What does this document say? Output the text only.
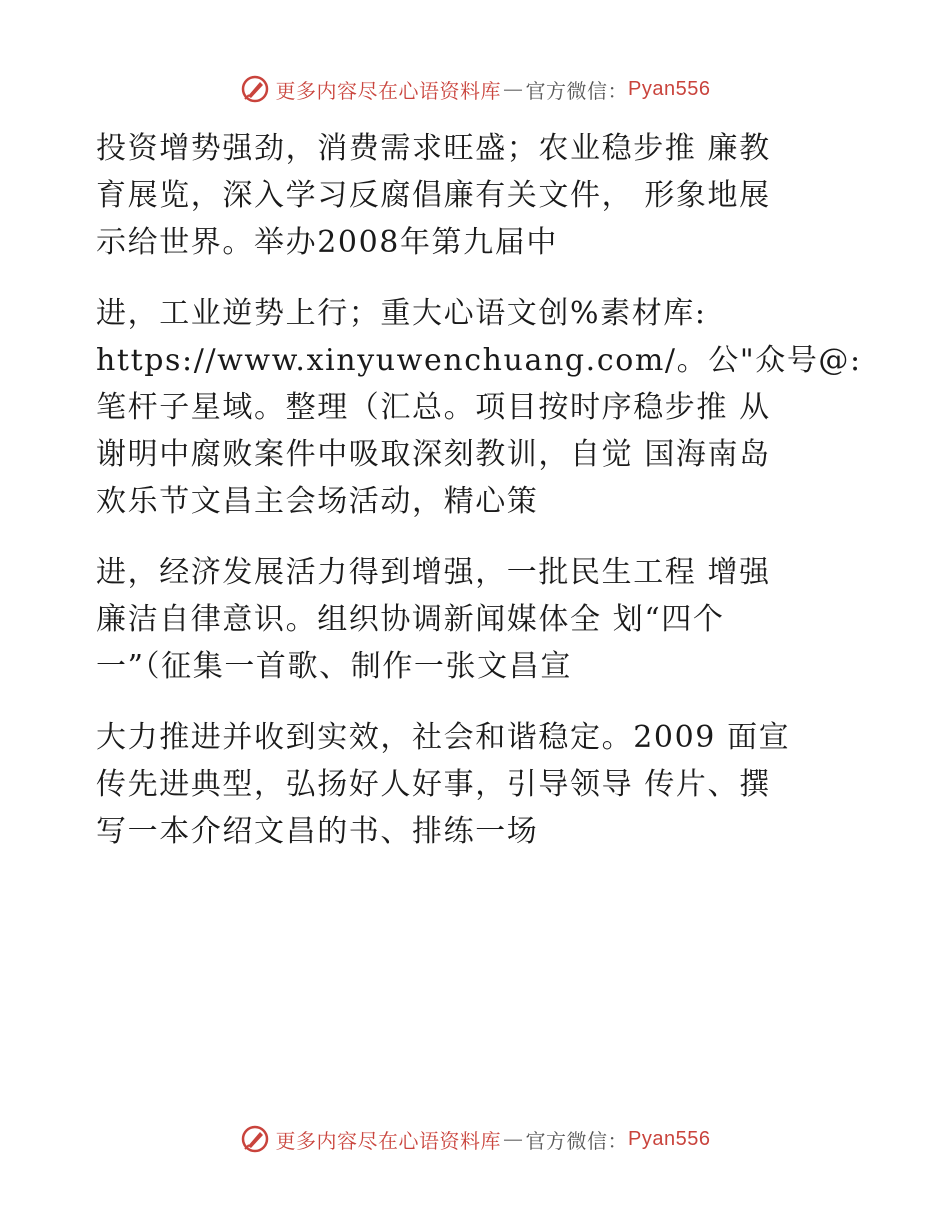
更多内容尽在心语资料库 — 官方微信： Pyan556
投资增势强劲，消费需求旺盛；农业稳步推 廉教
育展览，深入学习反腐倡廉有关文件， 形象地展
示给世界。举办2008年第九届中
进，工业逆势上行；重大心语文创%素材库:
https://www.xinyuwenchuang.com/。公"众号@:
笔杆子星域。整理（汇总。项目按时序稳步推 从
谢明中腐败案件中吸取深刻教训，自觉 国海南岛
欢乐节文昌主会场活动，精心策
进，经济发展活力得到增强，一批民生工程 增强
廉洁自律意识。组织协调新闻媒体全 划“四个
一”（征集一首歌、制作一张文昌宣
大力推进并收到实效，社会和谐稳定。2009 面宣
传先进典型，弘扬好人好事，引导领导 传片、撰
写一本介绍文昌的书、排练一场
更多内容尽在心语资料库 — 官方微信： Pyan556
